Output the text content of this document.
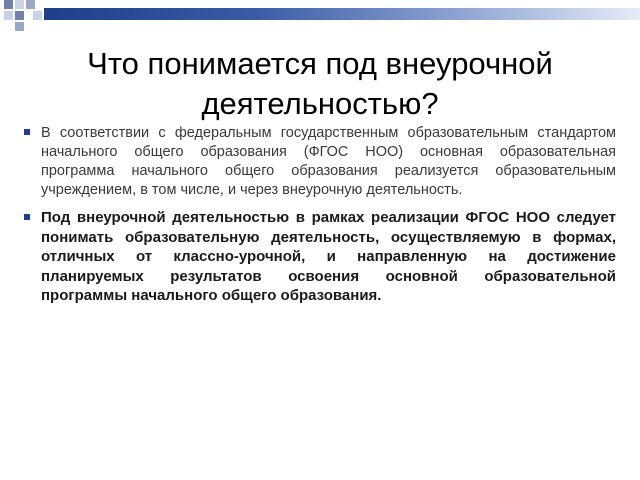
Что понимается под внеурочной деятельностью?
В соответствии с федеральным государственным образовательным стандартом начального общего образования (ФГОС НОО) основная образовательная программа начального общего образования реализуется образовательным учреждением, в том числе, и через внеурочную деятельность.
Под внеурочной деятельностью в рамках реализации ФГОС НОО следует понимать образовательную деятельность, осуществляемую в формах, отличных от классно-урочной, и направленную на достижение планируемых результатов освоения основной образовательной программы начального общего образования.
